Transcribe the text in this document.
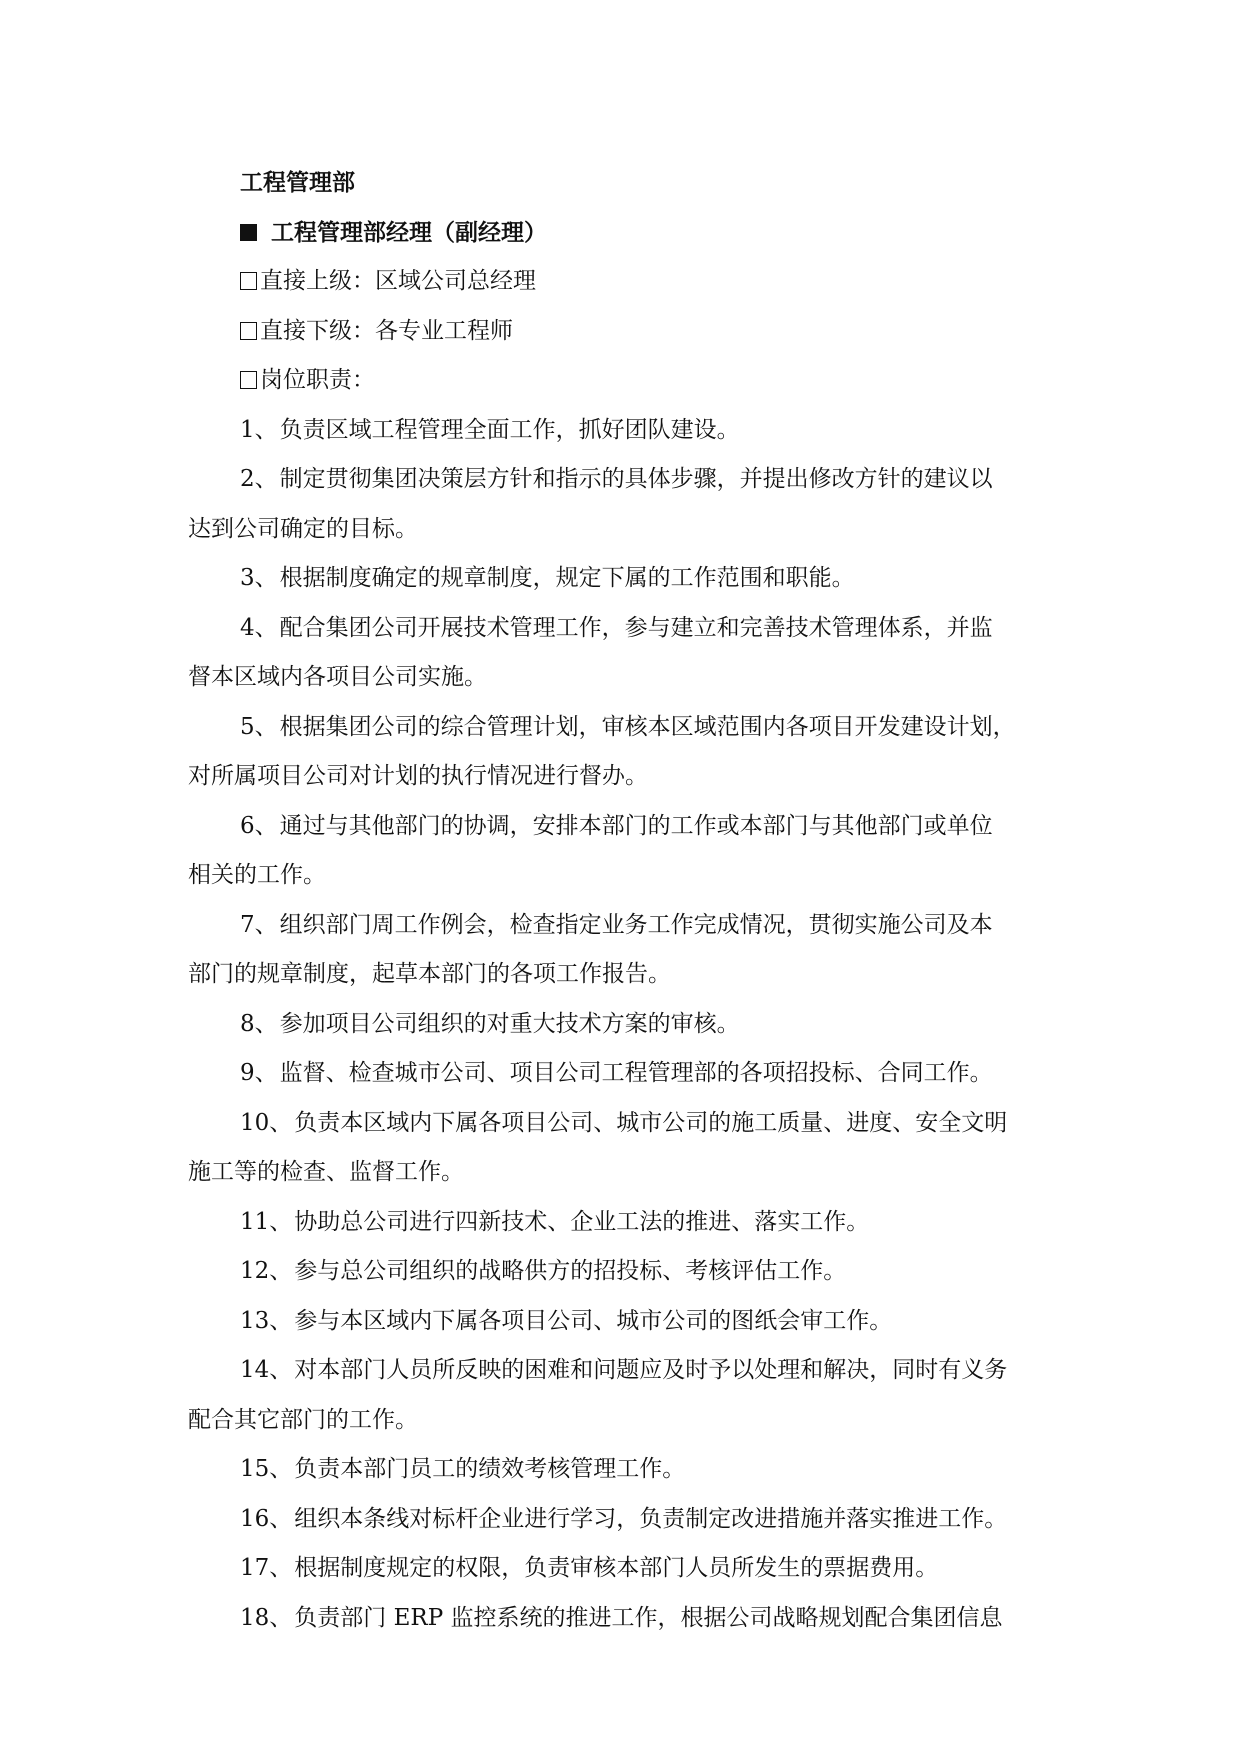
工程管理部

工程管理部经理（副经理）

直接上级：区域公司总经理

直接下级：各专业工程师

岗位职责：

1、负责区域工程管理全面工作，抓好团队建设。

2、制定贯彻集团决策层方针和指示的具体步骤，并提出修改方针的建议以

达到公司确定的目标。

3、根据制度确定的规章制度，规定下属的工作范围和职能。

4、配合集团公司开展技术管理工作，参与建立和完善技术管理体系，并监

督本区域内各项目公司实施。

5、根据集团公司的综合管理计划，审核本区域范围内各项目开发建设计划，

对所属项目公司对计划的执行情况进行督办。

6、通过与其他部门的协调，安排本部门的工作或本部门与其他部门或单位

相关的工作。

7、组织部门周工作例会，检查指定业务工作完成情况，贯彻实施公司及本

部门的规章制度，起草本部门的各项工作报告。

8、参加项目公司组织的对重大技术方案的审核。

9、监督、检查城市公司、项目公司工程管理部的各项招投标、合同工作。

10、负责本区域内下属各项目公司、城市公司的施工质量、进度、安全文明

施工等的检查、监督工作。

11、协助总公司进行四新技术、企业工法的推进、落实工作。

12、参与总公司组织的战略供方的招投标、考核评估工作。

13、参与本区域内下属各项目公司、城市公司的图纸会审工作。

14、对本部门人员所反映的困难和问题应及时予以处理和解决，同时有义务

配合其它部门的工作。

15、负责本部门员工的绩效考核管理工作。

16、组织本条线对标杆企业进行学习，负责制定改进措施并落实推进工作。

17、根据制度规定的权限，负责审核本部门人员所发生的票据费用。

18、负责部门 ERP 监控系统的推进工作，根据公司战略规划配合集团信息
